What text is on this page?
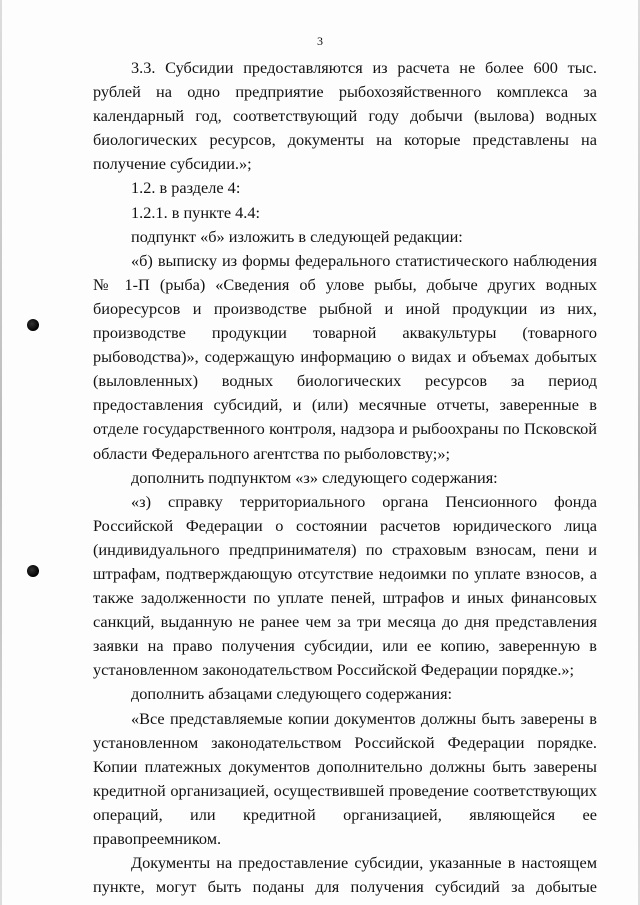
3

3.3. Субсидии предоставляются из расчета не более 600 тыс. рублей на одно предприятие рыбохозяйственного комплекса за календарный год, соответствующий году добычи (вылова) водных биологических ресурсов, документы на которые представлены на получение субсидии.»;

1.2. в разделе 4:

1.2.1. в пункте 4.4:

подпункт «б» изложить в следующей редакции:

«б) выписку из формы федерального статистического наблюдения № 1-П (рыба) «Сведения об улове рыбы, добыче других водных биоресурсов и производстве рыбной и иной продукции из них, производстве продукции товарной аквакультуры (товарного рыбоводства)», содержащую информацию о видах и объемах добытых (выловленных) водных биологических ресурсов за период предоставления субсидий, и (или) месячные отчеты, заверенные в отделе государственного контроля, надзора и рыбоохраны по Псковской области Федерального агентства по рыболовству;»;

дополнить подпунктом «з» следующего содержания:

«з) справку территориального органа Пенсионного фонда Российской Федерации о состоянии расчетов юридического лица (индивидуального предпринимателя) по страховым взносам, пени и штрафам, подтверждающую отсутствие недоимки по уплате взносов, а также задолженности по уплате пеней, штрафов и иных финансовых санкций, выданную не ранее чем за три месяца до дня представления заявки на право получения субсидии, или ее копию, заверенную в установленном законодательством Российской Федерации порядке.»;

дополнить абзацами следующего содержания:

«Все представляемые копии документов должны быть заверены в установленном законодательством Российской Федерации порядке. Копии платежных документов дополнительно должны быть заверены кредитной организацией, осуществившей проведение соответствующих операций, или кредитной организацией, являющейся ее правопреемником.

Документы на предоставление субсидии, указанные в настоящем пункте, могут быть поданы для получения субсидий за добытые
